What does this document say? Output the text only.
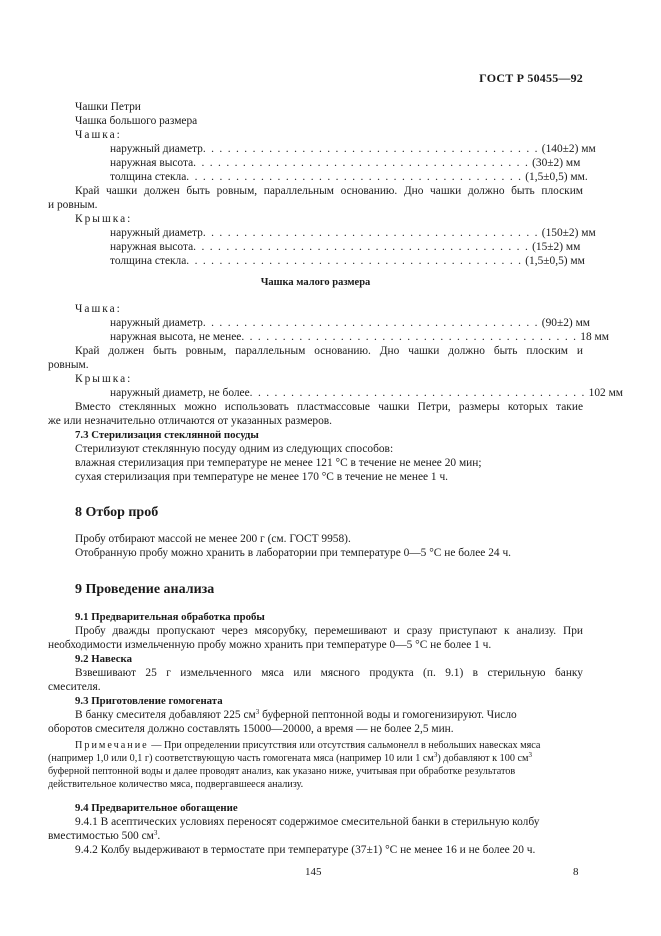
ГОСТ Р 50455—92
Чашки Петри
Чашка большого размера
Чашка:
наружный диаметр . . . . . . . . . . . . . . . . . . . . . . . . . . . . . . . . . . . . . . . . . (140±2) мм
наружная высота . . . . . . . . . . . . . . . . . . . . . . . . . . . . . . . . . . . . . . . . . (30±2) мм
толщина стекла . . . . . . . . . . . . . . . . . . . . . . . . . . . . . . . . . . . . . . . . . (1,5±0,5) мм.
Край чашки должен быть ровным, параллельным основанию. Дно чашки должно быть плоским
и ровным.
Крышка:
наружный диаметр . . . . . . . . . . . . . . . . . . . . . . . . . . . . . . . . . . . . . . . . . (150±2) мм
наружная высота . . . . . . . . . . . . . . . . . . . . . . . . . . . . . . . . . . . . . . . . . (15±2) мм
толщина стекла . . . . . . . . . . . . . . . . . . . . . . . . . . . . . . . . . . . . . . . . . (1,5±0,5) мм
Чашка малого размера
Чашка:
наружный диаметр . . . . . . . . . . . . . . . . . . . . . . . . . . . . . . . . . . . . . . . . . (90±2) мм
наружная высота, не менее . . . . . . . . . . . . . . . . . . . . . . . . . . . . . . . . . . . . . . . . . 18 мм
Край должен быть ровным, параллельным основанию. Дно чашки должно быть плоским и
ровным.
Крышка:
наружный диаметр, не более . . . . . . . . . . . . . . . . . . . . . . . . . . . . . . . . . . . . . . . . . 102 мм
Вместо стеклянных можно использовать пластмассовые чашки Петри, размеры которых такие
же или незначительно отличаются от указанных размеров.
7.3 Стерилизация стеклянной посуды
Стерилизуют стеклянную посуду одним из следующих способов:
влажная стерилизация при температуре не менее 121 °С в течение не менее 20 мин;
сухая стерилизация при температуре не менее 170 °С в течение не менее 1 ч.
8 Отбор проб
Пробу отбирают массой не менее 200 г (см. ГОСТ 9958).
Отобранную пробу можно хранить в лаборатории при температуре 0—5 °С не более 24 ч.
9 Проведение анализа
9.1 Предварительная обработка пробы
Пробу дважды пропускают через мясорубку, перемешивают и сразу приступают к анализу. При
необходимости измельченную пробу можно хранить при температуре 0—5 °С не более 1 ч.
9.2 Навеска
Взвешивают 25 г измельченного мяса или мясного продукта (п. 9.1) в стерильную банку
смесителя.
9.3 Приготовление гомогената
В банку смесителя добавляют 225 $см^3$ буферной пептонной воды и гомогенизируют. Число
оборотов смесителя должно составлять 15000—20000, а время — не более 2,5 мин.
Примечание — При определении присутствия или отсутствия сальмонелл в небольших навесках мяса
(например 1,0 или 0,1 г) соответствующую часть гомогената мяса (например 10 или 1 $см^3$) добавляют к 100 $см^3$
буферной пептонной воды и далее проводят анализ, как указано ниже, учитывая при обработке результатов
действительное количество мяса, подвергавшееся анализу.
9.4 Предварительное обогащение
9.4.1 В асептических условиях переносят содержимое смесительной банки в стерильную колбу
вместимостью 500 $см^3$.
9.4.2 Колбу выдерживают в термостате при температуре (37±1) °С не менее 16 и не более 20 ч.
145	8
